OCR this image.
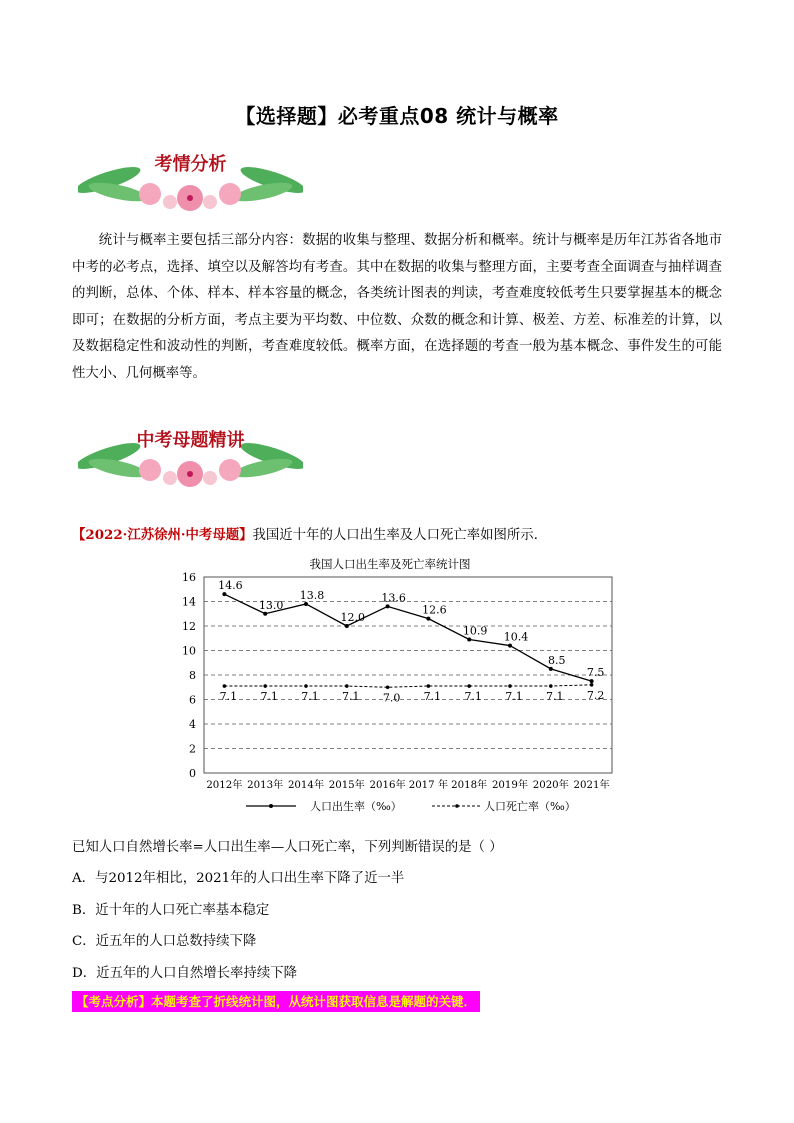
【选择题】必考重点08 统计与概率
考情分析
统计与概率主要包括三部分内容：数据的收集与整理、数据分析和概率。统计与概率是历年江苏省各地市中考的必考点，选择、填空以及解答均有考查。其中在数据的收集与整理方面，主要考查全面调查与抽样调查的判断，总体、个体、样本、样本容量的概念，各类统计图表的判读，考查难度较低考生只要掌握基本的概念即可；在数据的分析方面，考点主要为平均数、中位数、众数的概念和计算、极差、方差、标准差的计算，以及数据稳定性和波动性的判断，考查难度较低。概率方面，在选择题的考查一般为基本概念、事件发生的可能性大小、几何概率等。
中考母题精讲
【2022·江苏徐州·中考母题】我国近十年的人口出生率及人口死亡率如图所示．
我国人口出生率及死亡率统计图
0
2
4
6
8
10
12
14
16
2012年 2013年 2014年 2015年 2016年 2017 年 2018年 2019年 2020年 2021年
14.6
13.0
13.8
12.0
13.6
12.6
10.9 10.4
8.5
7.5
7.1 7.1 7.1 7.1 7.0 7.1 7.1 7.1 7.1 7.2
人口出生率（‰）	人口死亡率（‰）
已知人口自然增长率=人口出生率—人口死亡率，下列判断错误的是（ ）
A．与2012年相比，2021年的人口出生率下降了近一半
B．近十年的人口死亡率基本稳定
C．近五年的人口总数持续下降
D．近五年的人口自然增长率持续下降
【考点分析】本题考查了折线统计图，从统计图获取信息是解题的关键．
